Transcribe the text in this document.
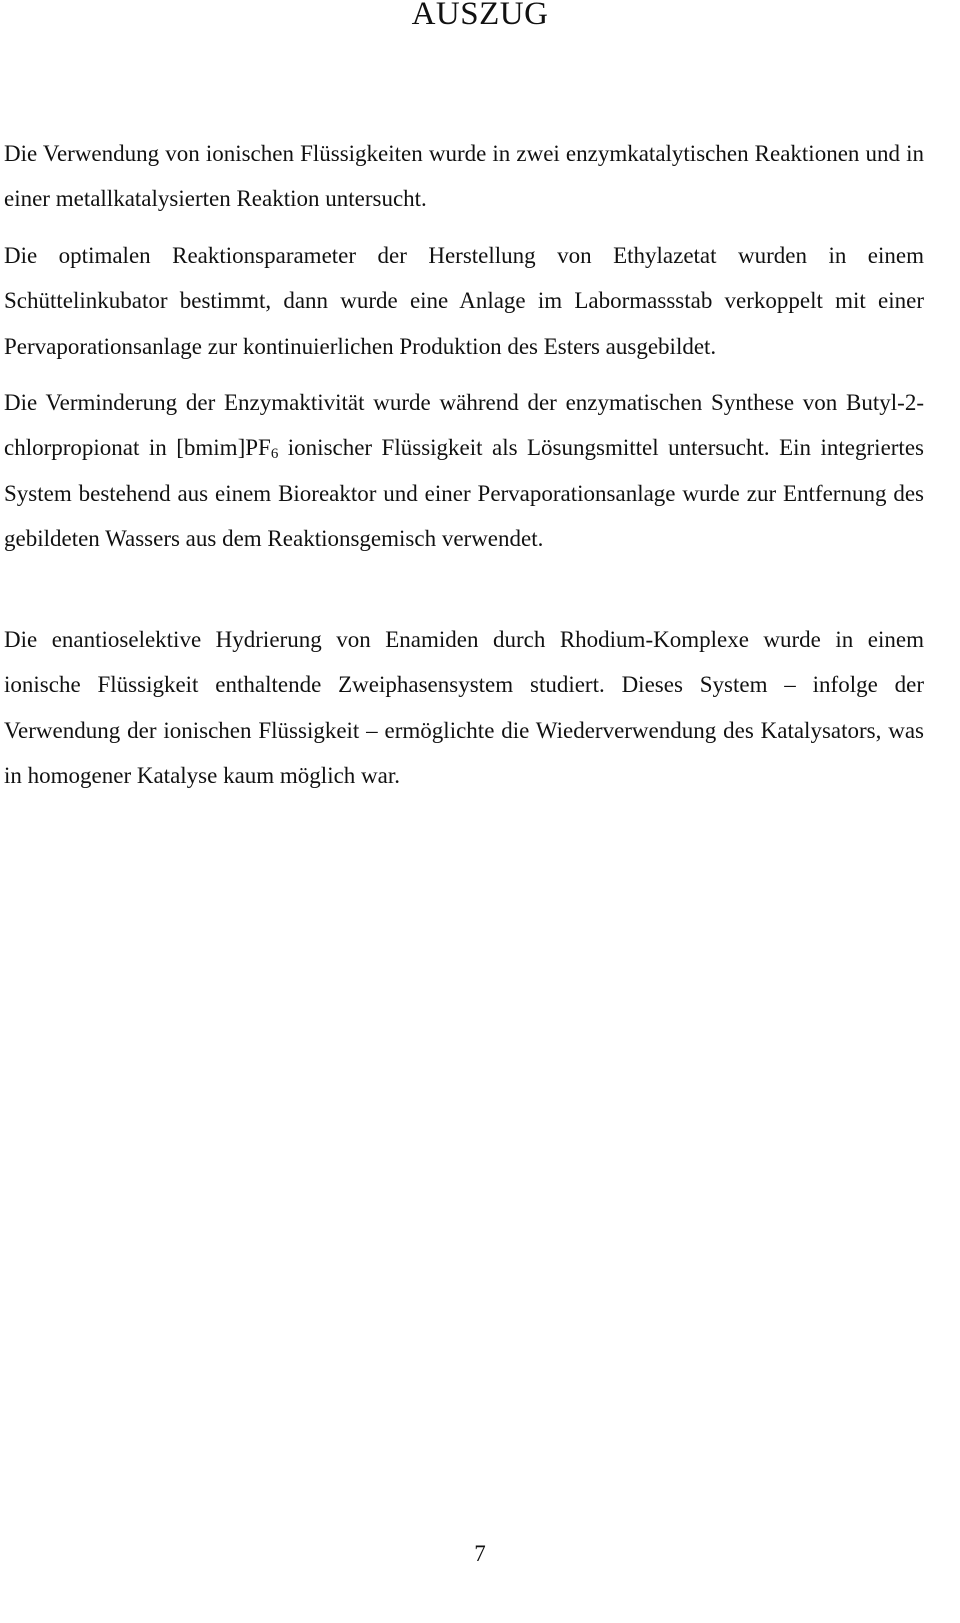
AUSZUG

Die Verwendung von ionischen Flüssigkeiten wurde in zwei enzymkatalytischen Reaktionen und in einer metallkatalysierten Reaktion untersucht.

Die optimalen Reaktionsparameter der Herstellung von Ethylazetat wurden in einem Schüttelinkubator bestimmt, dann wurde eine Anlage im Labormassstab verkoppelt mit einer Pervaporationsanlage zur kontinuierlichen Produktion des Esters ausgebildet.

Die Verminderung der Enzymaktivität wurde während der enzymatischen Synthese von Butyl-2-chlorpropionat in $[bmim]PF_6$ ionischer Flüssigkeit als Lösungsmittel untersucht. Ein integriertes System bestehend aus einem Bioreaktor und einer Pervaporationsanlage wurde zur Entfernung des gebildeten Wassers aus dem Reaktionsgemisch verwendet.

Die enantioselektive Hydrierung von Enamiden durch Rhodium-Komplexe wurde in einem ionische Flüssigkeit enthaltende Zweiphasensystem studiert. Dieses System – infolge der Verwendung der ionischen Flüssigkeit – ermöglichte die Wiederverwendung des Katalysators, was in homogener Katalyse kaum möglich war.

7
